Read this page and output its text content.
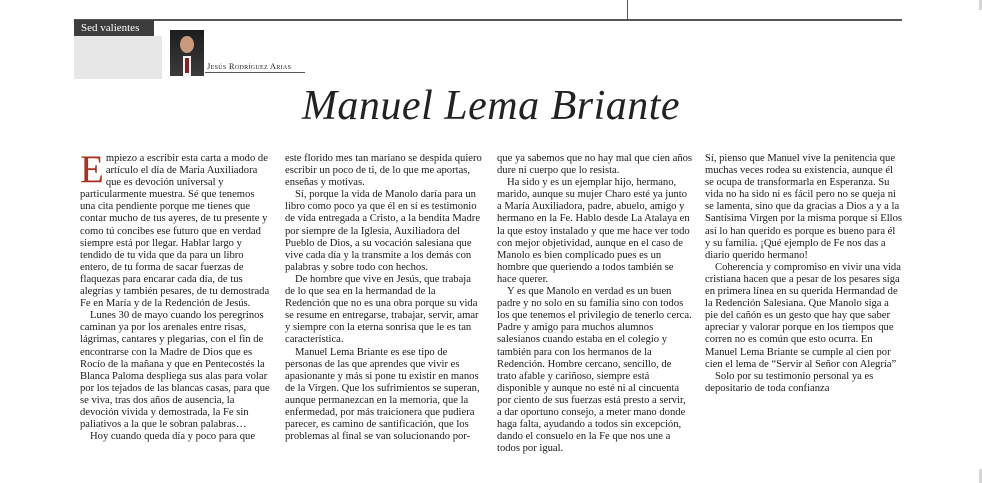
Sed valientes
Jesús Rodríguez Arias
Manuel Lema Briante

Empiezo a escribir esta carta a modo de artículo el día de María Auxiliadora que es devoción universal y particularmente muestra. Sé que tenemos una cita pendiente porque me tienes que contar mucho de tus ayeres, de tu presente y como tú concibes ese futuro que en verdad siempre está por llegar. Hablar largo y tendido de tu vida que da para un libro entero, de tu forma de sacar fuerzas de flaquezas para encarar cada día, de tus alegrías y también pesares, de tu demostrada Fe en María y de la Redención de Jesús.

Lunes 30 de mayo cuando los peregrinos caminan ya por los arenales entre risas, lágrimas, cantares y plegarias, con el fin de encontrarse con la Madre de Dios que es Rocío de la mañana y que en Pentecostés la Blanca Paloma despliega sus alas para volar por los tejados de las blancas casas, para que se viva, tras dos años de ausencia, la devoción vivida y demostrada, la Fe sin paliativos a la que le sobran palabras…

Hoy cuando queda día y poco para que

este florido mes tan mariano se despida quiero escribir un poco de ti, de lo que me aportas, enseñas y motivas.

Sí, porque la vida de Manolo daría para un libro como poco ya que él en sí es testimonio de vida entregada a Cristo, a la bendita Madre por siempre de la Iglesia, Auxiliadora del Pueblo de Dios, a su vocación salesiana que vive cada día y la transmite a los demás con palabras y sobre todo con hechos.

De hombre que vive en Jesús, que trabaja de lo que sea en la hermandad de la Redención que no es una obra porque su vida se resume en entregarse, trabajar, servir, amar y siempre con la eterna sonrisa que le es tan característica.

Manuel Lema Briante es ese tipo de personas de las que aprendes que vivir es apasionante y más si pone tu existir en manos de la Virgen. Que los sufrimientos se superan, aunque permanezcan en la memoria, que la enfermedad, por más traicionera que pudiera parecer, es camino de santificación, que los problemas al final se van solucionando por-

que ya sabemos que no hay mal que cien años dure ni cuerpo que lo resista.

Ha sido y es un ejemplar hijo, hermano, marido, aunque su mujer Charo esté ya junto a María Auxiliadora, padre, abuelo, amigo y hermano en la Fe. Hablo desde La Atalaya en la que estoy instalado y que me hace ver todo con mejor objetividad, aunque en el caso de Manolo es bien complicado pues es un hombre que queriendo a todos también se hace querer.

Y es que Manolo en verdad es un buen padre y no solo en su familia sino con todos los que tenemos el privilegio de tenerlo cerca. Padre y amigo para muchos alumnos salesianos cuando estaba en el colegio y también para con los hermanos de la Redención. Hombre cercano, sencillo, de trato afable y cariñoso, siempre está disponible y aunque no esté ni al cincuenta por ciento de sus fuerzas está presto a servir, a dar oportuno consejo, a meter mano donde haga falta, ayudando a todos sin excepción, dando el consuelo en la Fe que nos une a todos por igual.

Sí, pienso que Manuel vive la penitencia que muchas veces rodea su existencia, aunque él se ocupa de transformarla en Esperanza. Su vida no ha sido ni es fácil pero no se queja ni se lamenta, sino que da gracias a Dios a y a la Santísima Virgen por la misma porque si Ellos así lo han querido es porque es bueno para él y su familia. ¡Qué ejemplo de Fe nos das a diario querido hermano!

Coherencia y compromiso en vivir una vida cristiana hacen que a pesar de los pesares siga en primera línea en su querida Hermandad de la Redención Salesiana. Que Manolo siga a pie del cañón es un gesto que hay que saber apreciar y valorar porque en los tiempos que corren no es común que esto ocurra. En Manuel Lema Briante se cumple al cien por cien el lema de “Servir al Señor con Alegría”

Solo por su testimonio personal ya es depositario de toda confianza
